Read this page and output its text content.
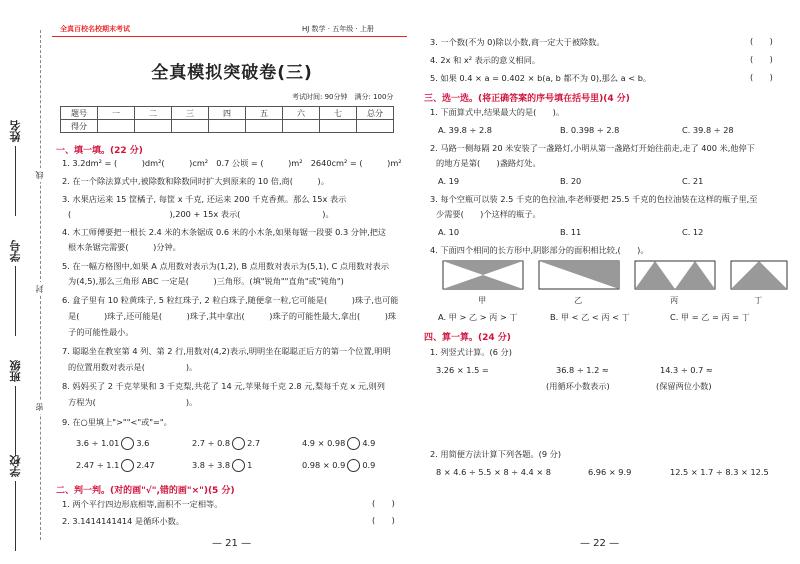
姓名
学号
班级
学校
线
封
密
全真百校名校期末考试	HJ 数学 · 五年级 · 上册
全真模拟突破卷(三)
考试时间: 90分钟　满分: 100分
题号	一	二	三	四	五	六	七	总分
得分								
一、填一填。(22 分)
1. 3.2dm² = (　　　)dm²(　　　)cm²　0.7 公顷 = (　　　)m²　2640cm² = (　　　)m²
2. 在一个除法算式中,被除数和除数同时扩大到原来的 10 倍,商(　　　)。
3. 水果店运来 15 筐橘子, 每筐 x 千克, 还运来 200 千克香蕉。那么 15x 表示
(　　　　　　　　　　　　),200 + 15x 表示(　　　　　　　　　　)。
4. 木工师傅要把一根长 2.4 米的木条锯成 0.6 米的小木条,如果每锯一段要 0.3 分钟,把这
根木条锯完需要(　　　)分钟。
5. 在一幅方格图中,如果 A 点用数对表示为(1,2), B 点用数对表示为(5,1), C 点用数对表示
为(4,5),那么三角形 ABC 一定是(　　　)三角形。(填"锐角""直角"或"钝角")
6. 盒子里有 10 粒黄珠子, 5 粒红珠子, 2 粒白珠子,随便拿一粒,它可能是(　　　)珠子,也可能
是(　　　)珠子,还可能是(　　　)珠子,其中拿出(　　　)珠子的可能性最大,拿出(　　　)珠
子的可能性最小。
7. 聪聪坐在教室第 4 列、第 2 行,用数对(4,2)表示,明明坐在聪聪正后方的第一个位置,明明
的位置用数对表示是(　　　　　)。
8. 妈妈买了 2 千克苹果和 3 千克梨,共花了 14 元,苹果每千克 2.8 元,梨每千克 x 元,则列
方程为(　　　　　　　　　　　)。
9. 在○里填上">""<"或"="。
3.6 ÷ 1.01 3.6	2.7 ÷ 0.8 2.7	4.9 × 0.98 4.9
2.47 ÷ 1.1 2.47	3.8 ÷ 3.8 1	0.98 × 0.9 0.9
二、判一判。(对的画"√",错的画"×")(5 分)
1. 两个平行四边形底相等,面积不一定相等。	(　　)
2. 3.1414141414 是循环小数。	(　　)
— 21 —
3. 一个数(不为 0)除以小数,商一定大于被除数。	(　　)
4. 2x 和 x² 表示的意义相同。	(　　)
5. 如果 0.4 × a = 0.402 × b(a, b 都不为 0),那么 a < b。	(　　)
三、选一选。(将正确答案的序号填在括号里)(4 分)
1. 下面算式中,结果最大的是(　　)。
A. 39.8 ÷ 2.8	B. 0.398 ÷ 2.8	C. 39.8 ÷ 28
2. 马路一侧每隔 20 米安装了一盏路灯,小明从第一盏路灯开始往前走,走了 400 米,他停下
的地方是第(　　)盏路灯处。
A. 19	B. 20	C. 21
3. 每个空瓶可以装 2.5 千克的色拉油,李老师要把 25.5 千克的色拉油装在这样的瓶子里,至
少需要(　　)个这样的瓶子。
A. 10	B. 11	C. 12
4. 下面四个相同的长方形中,阴影部分的面积相比较,(　　)。
甲	乙	丙	丁
A. 甲 > 乙 > 丙 > 丁	B. 甲 < 乙 < 丙 < 丁	C. 甲 = 乙 = 丙 = 丁
四、算一算。(24 分)
1. 列竖式计算。(6 分)
3.26 × 1.5 =	36.8 ÷ 1.2 ≈
(用循环小数表示)
14.3 ÷ 0.7 ≈
(保留两位小数)
2. 用简便方法计算下列各题。(9 分)
8 × 4.6 ÷ 5.5 × 8 ÷ 4.4 × 8	6.96 × 9.9	12.5 × 1.7 ÷ 8.3 × 12.5
— 22 —
